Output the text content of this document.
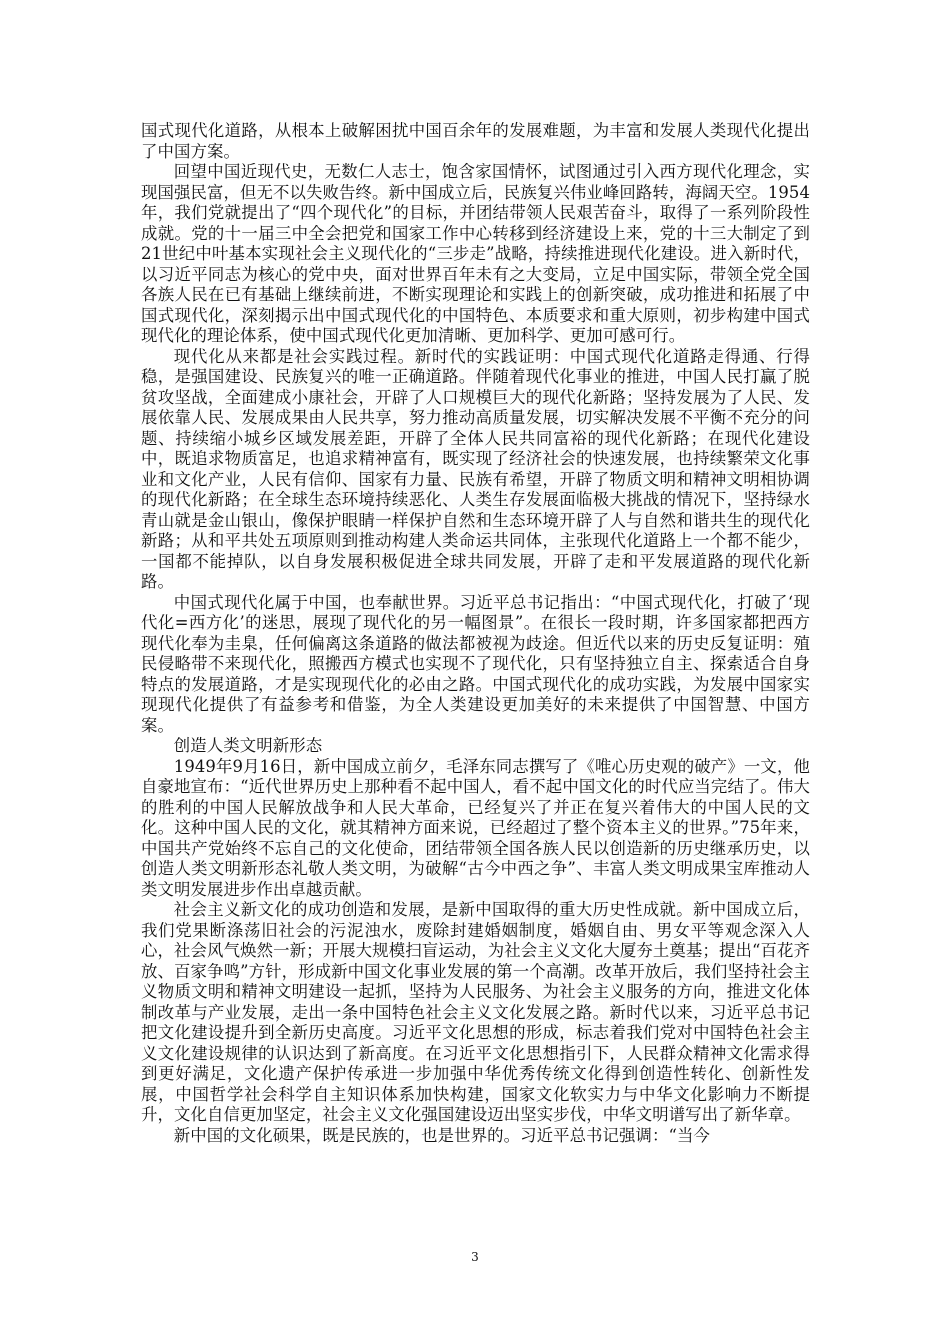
国式现代化道路，从根本上破解困扰中国百余年的发展难题，为丰富和发展人类现代化提出了中国方案。

回望中国近现代史，无数仁人志士，饱含家国情怀，试图通过引入西方现代化理念，实现国强民富，但无不以失败告终。新中国成立后，民族复兴伟业峰回路转，海阔天空。1954年，我们党就提出了“四个现代化”的目标，并团结带领人民艰苦奋斗，取得了一系列阶段性成就。党的十一届三中全会把党和国家工作中心转移到经济建设上来，党的十三大制定了到21世纪中叶基本实现社会主义现代化的“三步走”战略，持续推进现代化建设。进入新时代，以习近平同志为核心的党中央，面对世界百年未有之大变局，立足中国实际，带领全党全国各族人民在已有基础上继续前进，不断实现理论和实践上的创新突破，成功推进和拓展了中国式现代化，深刻揭示出中国式现代化的中国特色、本质要求和重大原则，初步构建中国式现代化的理论体系，使中国式现代化更加清晰、更加科学、更加可感可行。

现代化从来都是社会实践过程。新时代的实践证明：中国式现代化道路走得通、行得稳，是强国建设、民族复兴的唯一正确道路。伴随着现代化事业的推进，中国人民打赢了脱贫攻坚战，全面建成小康社会，开辟了人口规模巨大的现代化新路；坚持发展为了人民、发展依靠人民、发展成果由人民共享，努力推动高质量发展，切实解决发展不平衡不充分的问题、持续缩小城乡区域发展差距，开辟了全体人民共同富裕的现代化新路；在现代化建设中，既追求物质富足，也追求精神富有，既实现了经济社会的快速发展，也持续繁荣文化事业和文化产业，人民有信仰、国家有力量、民族有希望，开辟了物质文明和精神文明相协调的现代化新路；在全球生态环境持续恶化、人类生存发展面临极大挑战的情况下，坚持绿水青山就是金山银山，像保护眼睛一样保护自然和生态环境开辟了人与自然和谐共生的现代化新路；从和平共处五项原则到推动构建人类命运共同体，主张现代化道路上一个都不能少，一国都不能掉队，以自身发展积极促进全球共同发展，开辟了走和平发展道路的现代化新路。

中国式现代化属于中国，也奉献世界。习近平总书记指出：“中国式现代化，打破了‘现代化=西方化’的迷思，展现了现代化的另一幅图景”。在很长一段时期，许多国家都把西方现代化奉为圭臬，任何偏离这条道路的做法都被视为歧途。但近代以来的历史反复证明：殖民侵略带不来现代化，照搬西方模式也实现不了现代化，只有坚持独立自主、探索适合自身特点的发展道路，才是实现现代化的必由之路。中国式现代化的成功实践，为发展中国家实现现代化提供了有益参考和借鉴，为全人类建设更加美好的未来提供了中国智慧、中国方案。

创造人类文明新形态

1949年9月16日，新中国成立前夕，毛泽东同志撰写了《唯心历史观的破产》一文，他自豪地宣布：“近代世界历史上那种看不起中国人，看不起中国文化的时代应当完结了。伟大的胜利的中国人民解放战争和人民大革命，已经复兴了并正在复兴着伟大的中国人民的文化。这种中国人民的文化，就其精神方面来说，已经超过了整个资本主义的世界。”75年来，中国共产党始终不忘自己的文化使命，团结带领全国各族人民以创造新的历史继承历史，以创造人类文明新形态礼敬人类文明，为破解“古今中西之争”、丰富人类文明成果宝库推动人类文明发展进步作出卓越贡献。

社会主义新文化的成功创造和发展，是新中国取得的重大历史性成就。新中国成立后，我们党果断涤荡旧社会的污泥浊水，废除封建婚姻制度，婚姻自由、男女平等观念深入人心，社会风气焕然一新；开展大规模扫盲运动，为社会主义文化大厦夯土奠基；提出“百花齐放、百家争鸣”方针，形成新中国文化事业发展的第一个高潮。改革开放后，我们坚持社会主义物质文明和精神文明建设一起抓，坚持为人民服务、为社会主义服务的方向，推进文化体制改革与产业发展，走出一条中国特色社会主义文化发展之路。新时代以来，习近平总书记把文化建设提升到全新历史高度。习近平文化思想的形成，标志着我们党对中国特色社会主义文化建设规律的认识达到了新高度。在习近平文化思想指引下，人民群众精神文化需求得到更好满足，文化遗产保护传承进一步加强中华优秀传统文化得到创造性转化、创新性发展，中国哲学社会科学自主知识体系加快构建，国家文化软实力与中华文化影响力不断提升，文化自信更加坚定，社会主义文化强国建设迈出坚实步伐，中华文明谱写出了新华章。

新中国的文化硕果，既是民族的，也是世界的。习近平总书记强调：“当今

3
